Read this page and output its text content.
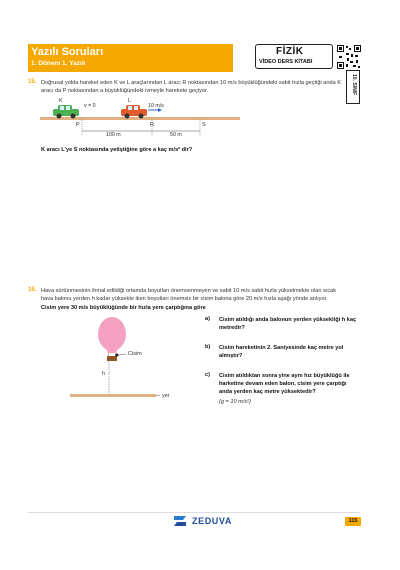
Yazılı Soruları
1. Dönem 1. Yazılı
FİZİK
VİDEO DERS KİTABI
10. SINIF
15. Doğrusal yolda hareket eden K ve L araçlarından L aracı R noktasından 10 m/s büyüklüğündeki sabit hızla geçtiği anda K
aracı da P noktasından a büyüklüğündeki ivmeyle harekete geçiyor.
K	L
v = 0	10 m/s
P	R	S
100 m	50 m
K aracı L'ye S noktasında yetiştiğine göre a kaç m/s² dir?
16. Hava sürtünmesinin ihmal edildiği ortamda boyutları önemsenmeyen ve sabit 10 m/s sabit hızla yükselmekte olan sıcak
hava balonu yerden h kadar yüksekte iken boyutları önemsiz bir cisim balona göre 20 m/s hızla aşağı yönde atılıyor.
Cisim yere 30 m/s büyüklüğünde bir hızla yere çarptığına göre
Cisim
h
yer
a) Cisim atıldığı anda balonun yerden yüksekliği h kaç
metredir?
b) Cisim hareketinin 2. Saniyesinde kaç metre yol
almıştır?
c) Cisim atıldıktan sonra yine aynı hız büyüklüğü ile
harketine devam eden balon, cisim yere çarptığı
anda yerden kaç metre yüksektedir?
(g = 10 m/s²)
ZEDUVA	115
